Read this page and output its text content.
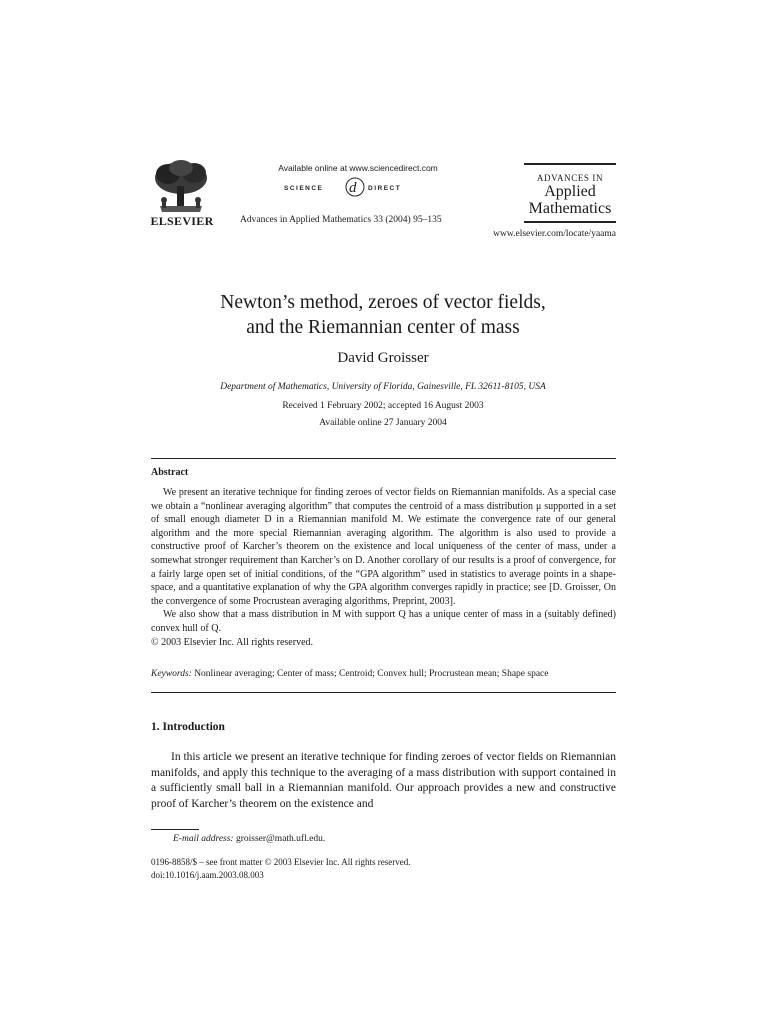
ELSEVIER
Available online at www.sciencedirect.com
SCIENCE d DIRECT
Advances in Applied Mathematics 33 (2004) 95–135
ADVANCES IN
Applied
Mathematics
www.elsevier.com/locate/yaama
Newton’s method, zeroes of vector fields,
and the Riemannian center of mass
David Groisser
Department of Mathematics, University of Florida, Gainesville, FL 32611-8105, USA
Received 1 February 2002; accepted 16 August 2003
Available online 27 January 2004
Abstract

We present an iterative technique for finding zeroes of vector fields on Riemannian manifolds. As a special case we obtain a “nonlinear averaging algorithm” that computes the centroid of a mass distribution μ supported in a set of small enough diameter D in a Riemannian manifold M. We estimate the convergence rate of our general algorithm and the more special Riemannian averaging algorithm. The algorithm is also used to provide a constructive proof of Karcher’s theorem on the existence and local uniqueness of the center of mass, under a somewhat stronger requirement than Karcher’s on D. Another corollary of our results is a proof of convergence, for a fairly large open set of initial conditions, of the “GPA algorithm” used in statistics to average points in a shape-space, and a quantitative explanation of why the GPA algorithm converges rapidly in practice; see [D. Groisser, On the convergence of some Procrustean averaging algorithms, Preprint, 2003].

We also show that a mass distribution in M with support Q has a unique center of mass in a (suitably defined) convex hull of Q.

© 2003 Elsevier Inc. All rights reserved.

Keywords: Nonlinear averaging; Center of mass; Centroid; Convex hull; Procrustean mean; Shape space
1. Introduction

In this article we present an iterative technique for finding zeroes of vector fields on Riemannian manifolds, and apply this technique to the averaging of a mass distribution with support contained in a sufficiently small ball in a Riemannian manifold. Our approach provides a new and constructive proof of Karcher’s theorem on the existence and

E-mail address: groisser@math.ufl.edu.
0196-8858/$ – see front matter © 2003 Elsevier Inc. All rights reserved.
doi:10.1016/j.aam.2003.08.003
